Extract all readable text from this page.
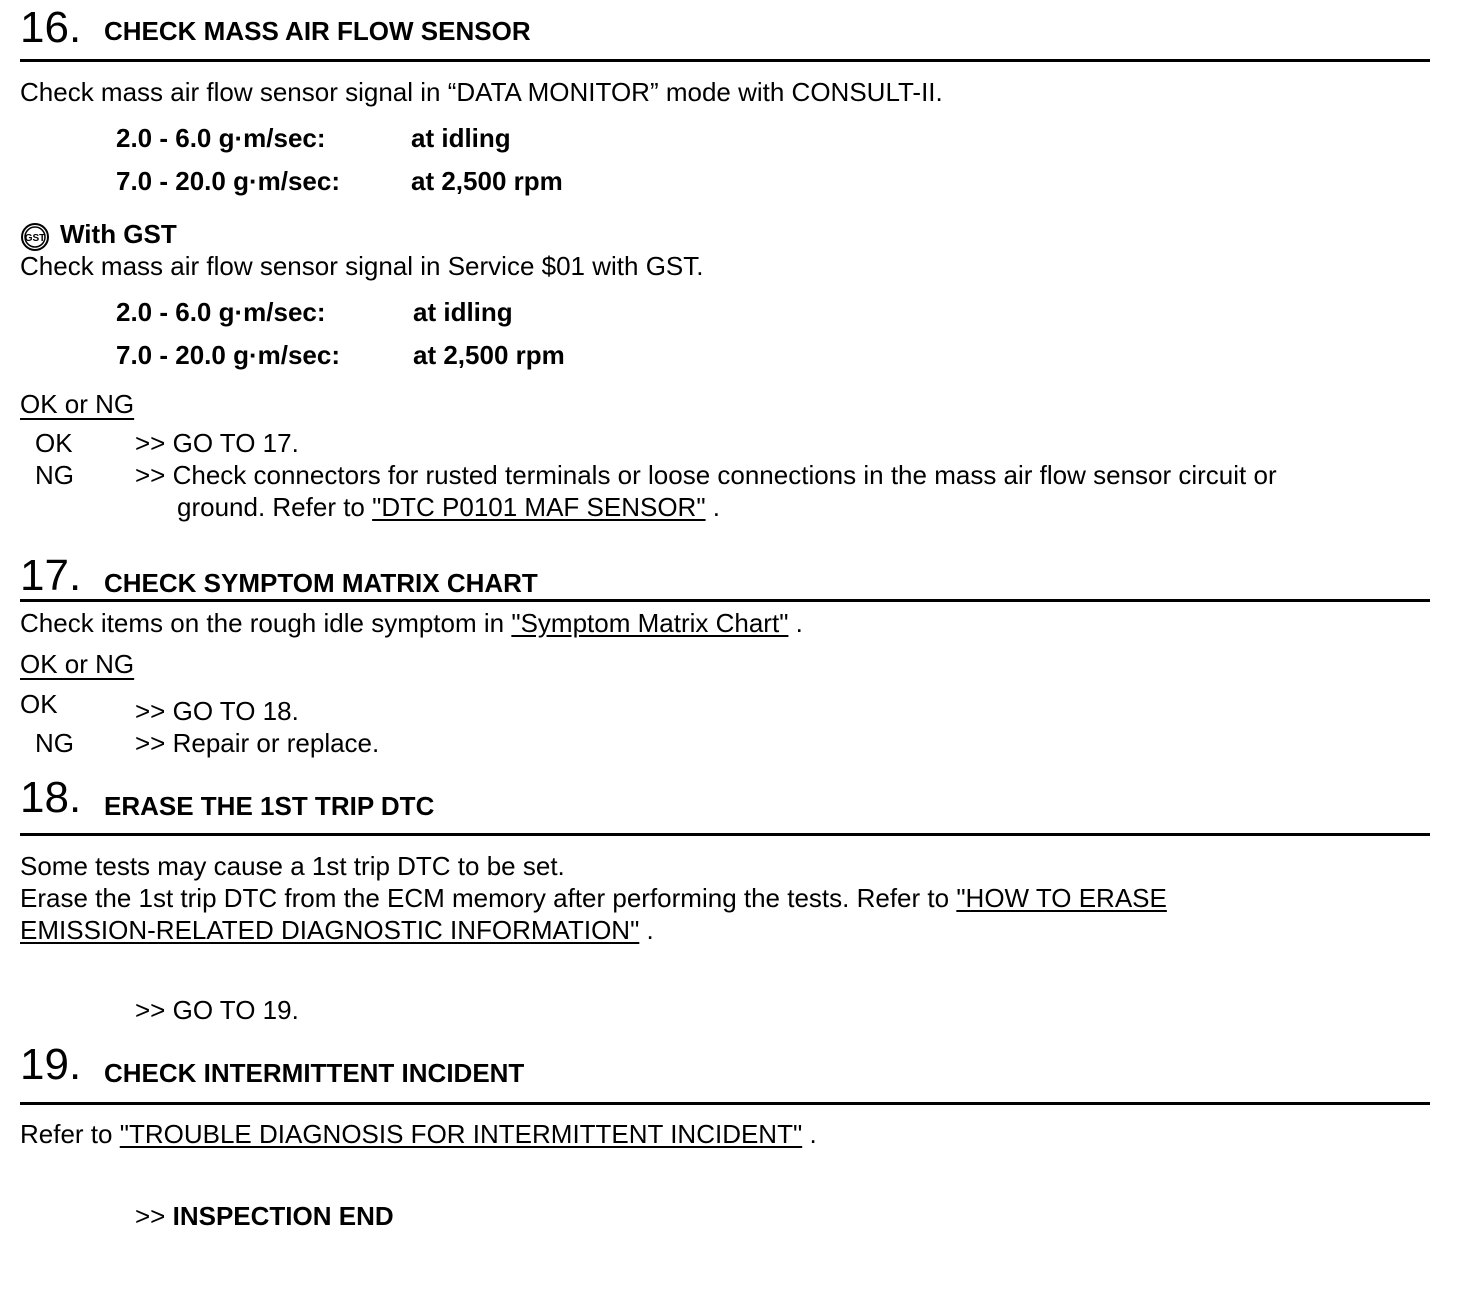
16. CHECK MASS AIR FLOW SENSOR
Check mass air flow sensor signal in “DATA MONITOR” mode with CONSULT-II.
2.0 - 6.0 g·m/sec:	at idling
7.0 - 20.0 g·m/sec:	at 2,500 rpm
GST With GST
Check mass air flow sensor signal in Service $01 with GST.
2.0 - 6.0 g·m/sec:	at idling
7.0 - 20.0 g·m/sec:	at 2,500 rpm
OK or NG
OK >> GO TO 17.
NG >> Check connectors for rusted terminals or loose connections in the mass air flow sensor circuit or
ground. Refer to "DTC P0101 MAF SENSOR" .
17. CHECK SYMPTOM MATRIX CHART
Check items on the rough idle symptom in "Symptom Matrix Chart" .
OK or NG
OK	>> GO TO 18.
NG >> Repair or replace.
18. ERASE THE 1ST TRIP DTC
Some tests may cause a 1st trip DTC to be set.
Erase the 1st trip DTC from the ECM memory after performing the tests. Refer to "HOW TO ERASE
EMISSION-RELATED DIAGNOSTIC INFORMATION" .
>> GO TO 19.
19. CHECK INTERMITTENT INCIDENT
Refer to "TROUBLE DIAGNOSIS FOR INTERMITTENT INCIDENT" .
>> INSPECTION END
